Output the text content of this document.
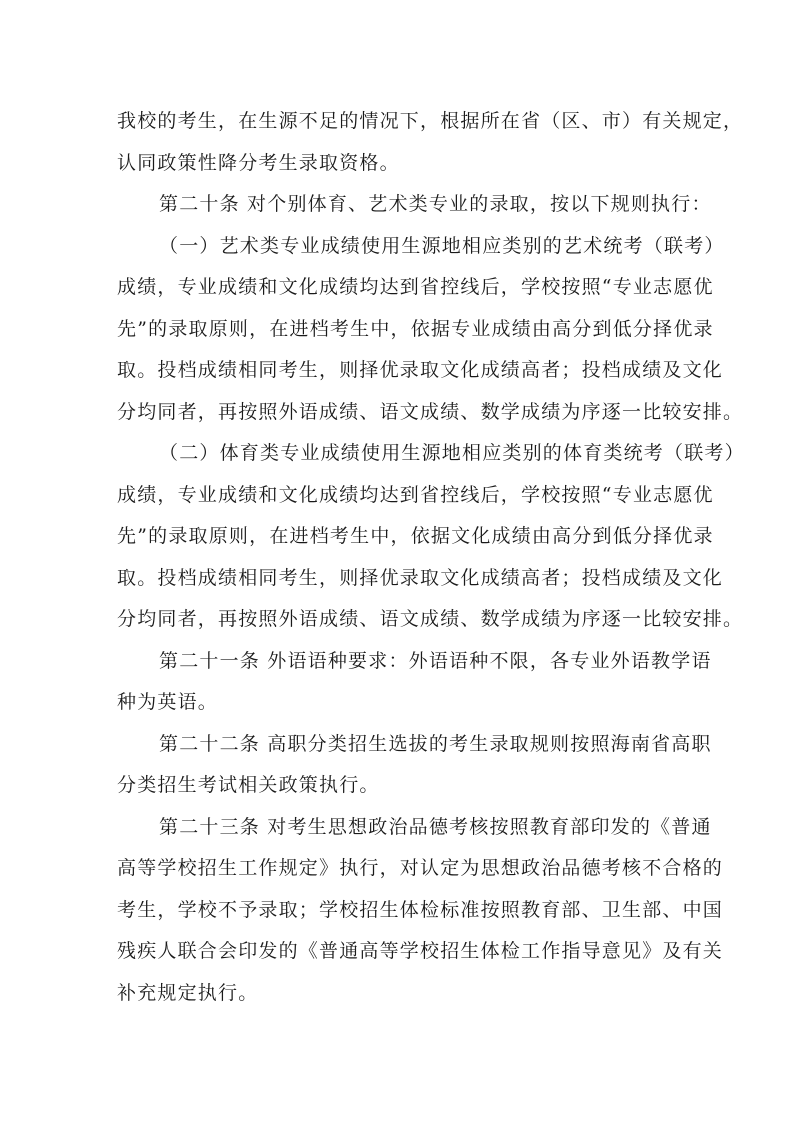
我校的考生，在生源不足的情况下，根据所在省（区、市）有关规定，
认同政策性降分考生录取资格。

第二十条 对个别体育、艺术类专业的录取，按以下规则执行：

（一）艺术类专业成绩使用生源地相应类别的艺术统考（联考）
成绩，专业成绩和文化成绩均达到省控线后，学校按照“专业志愿优
先”的录取原则，在进档考生中，依据专业成绩由高分到低分择优录
取。投档成绩相同考生，则择优录取文化成绩高者；投档成绩及文化
分均同者，再按照外语成绩、语文成绩、数学成绩为序逐一比较安排。

（二）体育类专业成绩使用生源地相应类别的体育类统考（联考）
成绩，专业成绩和文化成绩均达到省控线后，学校按照“专业志愿优
先”的录取原则，在进档考生中，依据文化成绩由高分到低分择优录
取。投档成绩相同考生，则择优录取文化成绩高者；投档成绩及文化
分均同者，再按照外语成绩、语文成绩、数学成绩为序逐一比较安排。

第二十一条 外语语种要求：外语语种不限，各专业外语教学语
种为英语。

第二十二条 高职分类招生选拔的考生录取规则按照海南省高职
分类招生考试相关政策执行。

第二十三条 对考生思想政治品德考核按照教育部印发的《普通
高等学校招生工作规定》执行，对认定为思想政治品德考核不合格的
考生，学校不予录取；学校招生体检标准按照教育部、卫生部、中国
残疾人联合会印发的《普通高等学校招生体检工作指导意见》及有关
补充规定执行。
